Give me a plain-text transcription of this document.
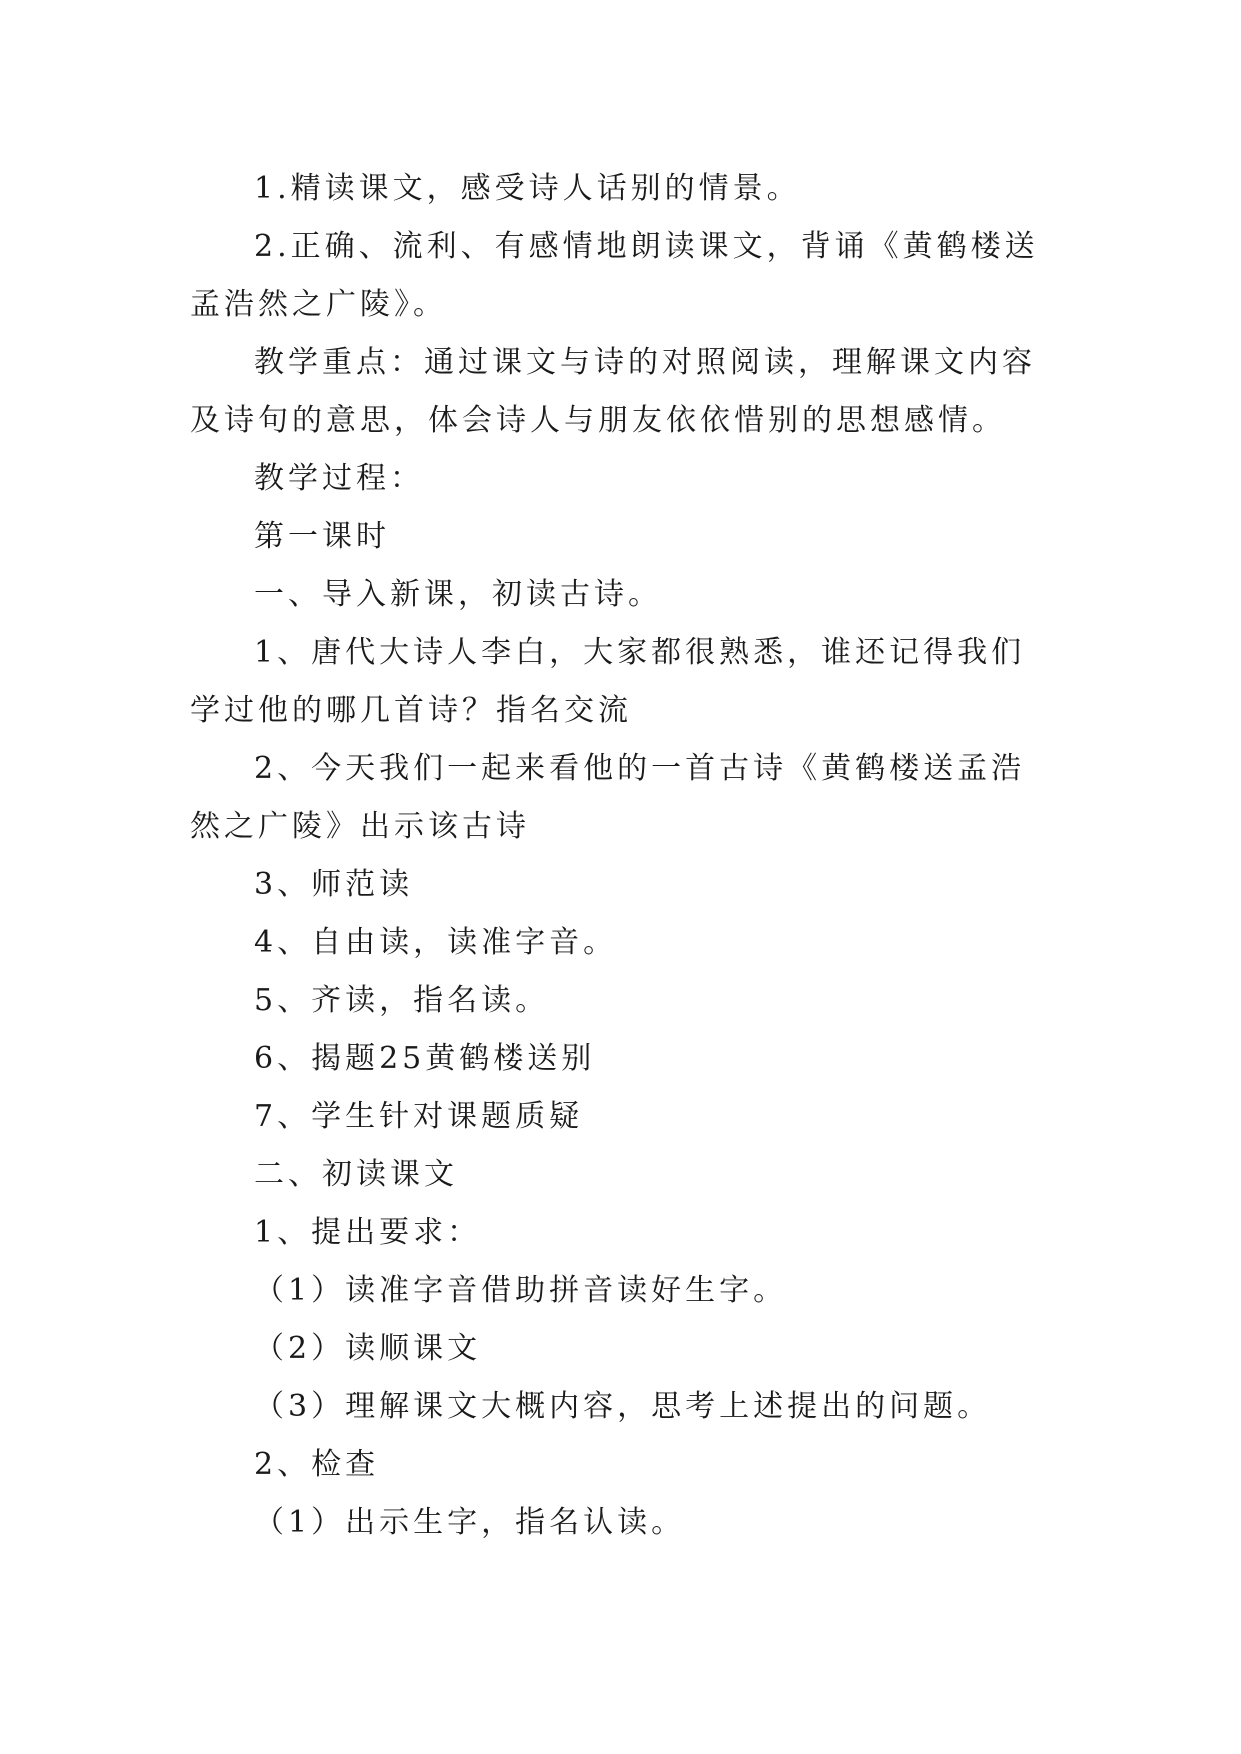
1.精读课文，感受诗人话别的情景。

2.正确、流利、有感情地朗读课文，背诵《黄鹤楼送孟浩然之广陵》。

教学重点：通过课文与诗的对照阅读，理解课文内容及诗句的意思，体会诗人与朋友依依惜别的思想感情。

教学过程：

第一课时

一、导入新课，初读古诗。

1、唐代大诗人李白，大家都很熟悉，谁还记得我们学过他的哪几首诗？指名交流

2、今天我们一起来看他的一首古诗《黄鹤楼送孟浩然之广陵》出示该古诗

3、师范读

4、自由读，读准字音。

5、齐读，指名读。

6、揭题25黄鹤楼送别

7、学生针对课题质疑

二、初读课文

1、提出要求：

（1）读准字音借助拼音读好生字。

（2）读顺课文

（3）理解课文大概内容，思考上述提出的问题。

2、检查

（1）出示生字，指名认读。
